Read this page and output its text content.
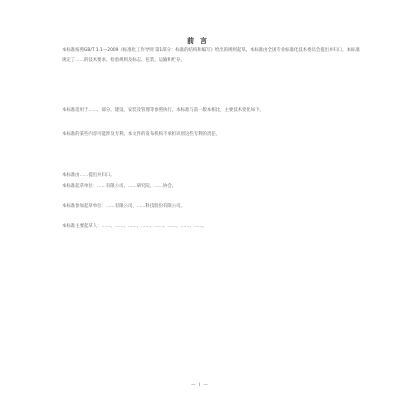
前言
本标准按照GB/T 1.1—2009《标准化工作导则 第1部分：标准的结构和编写》给出的规则起草。本标准由全国专业标准化技术委员会提出并归口，本标准规定了……的技术要求、检验规则及标志、包装、运输和贮存。
本标准适用于……，部分、建设、安装及管理等参照执行。本标准与前一版本相比，主要技术变化如下。
本标准的某些内容可能涉及专利。本文件的发布机构不承担识别这些专利的责任。
本标准由……提出并归口。
本标准起草单位：……有限公司、……研究院、……协会。
本标准参加起草单位：……有限公司、……科技股份有限公司。
本标准主要起草人：……、……、……、……、……、……、……、……。
— I —
